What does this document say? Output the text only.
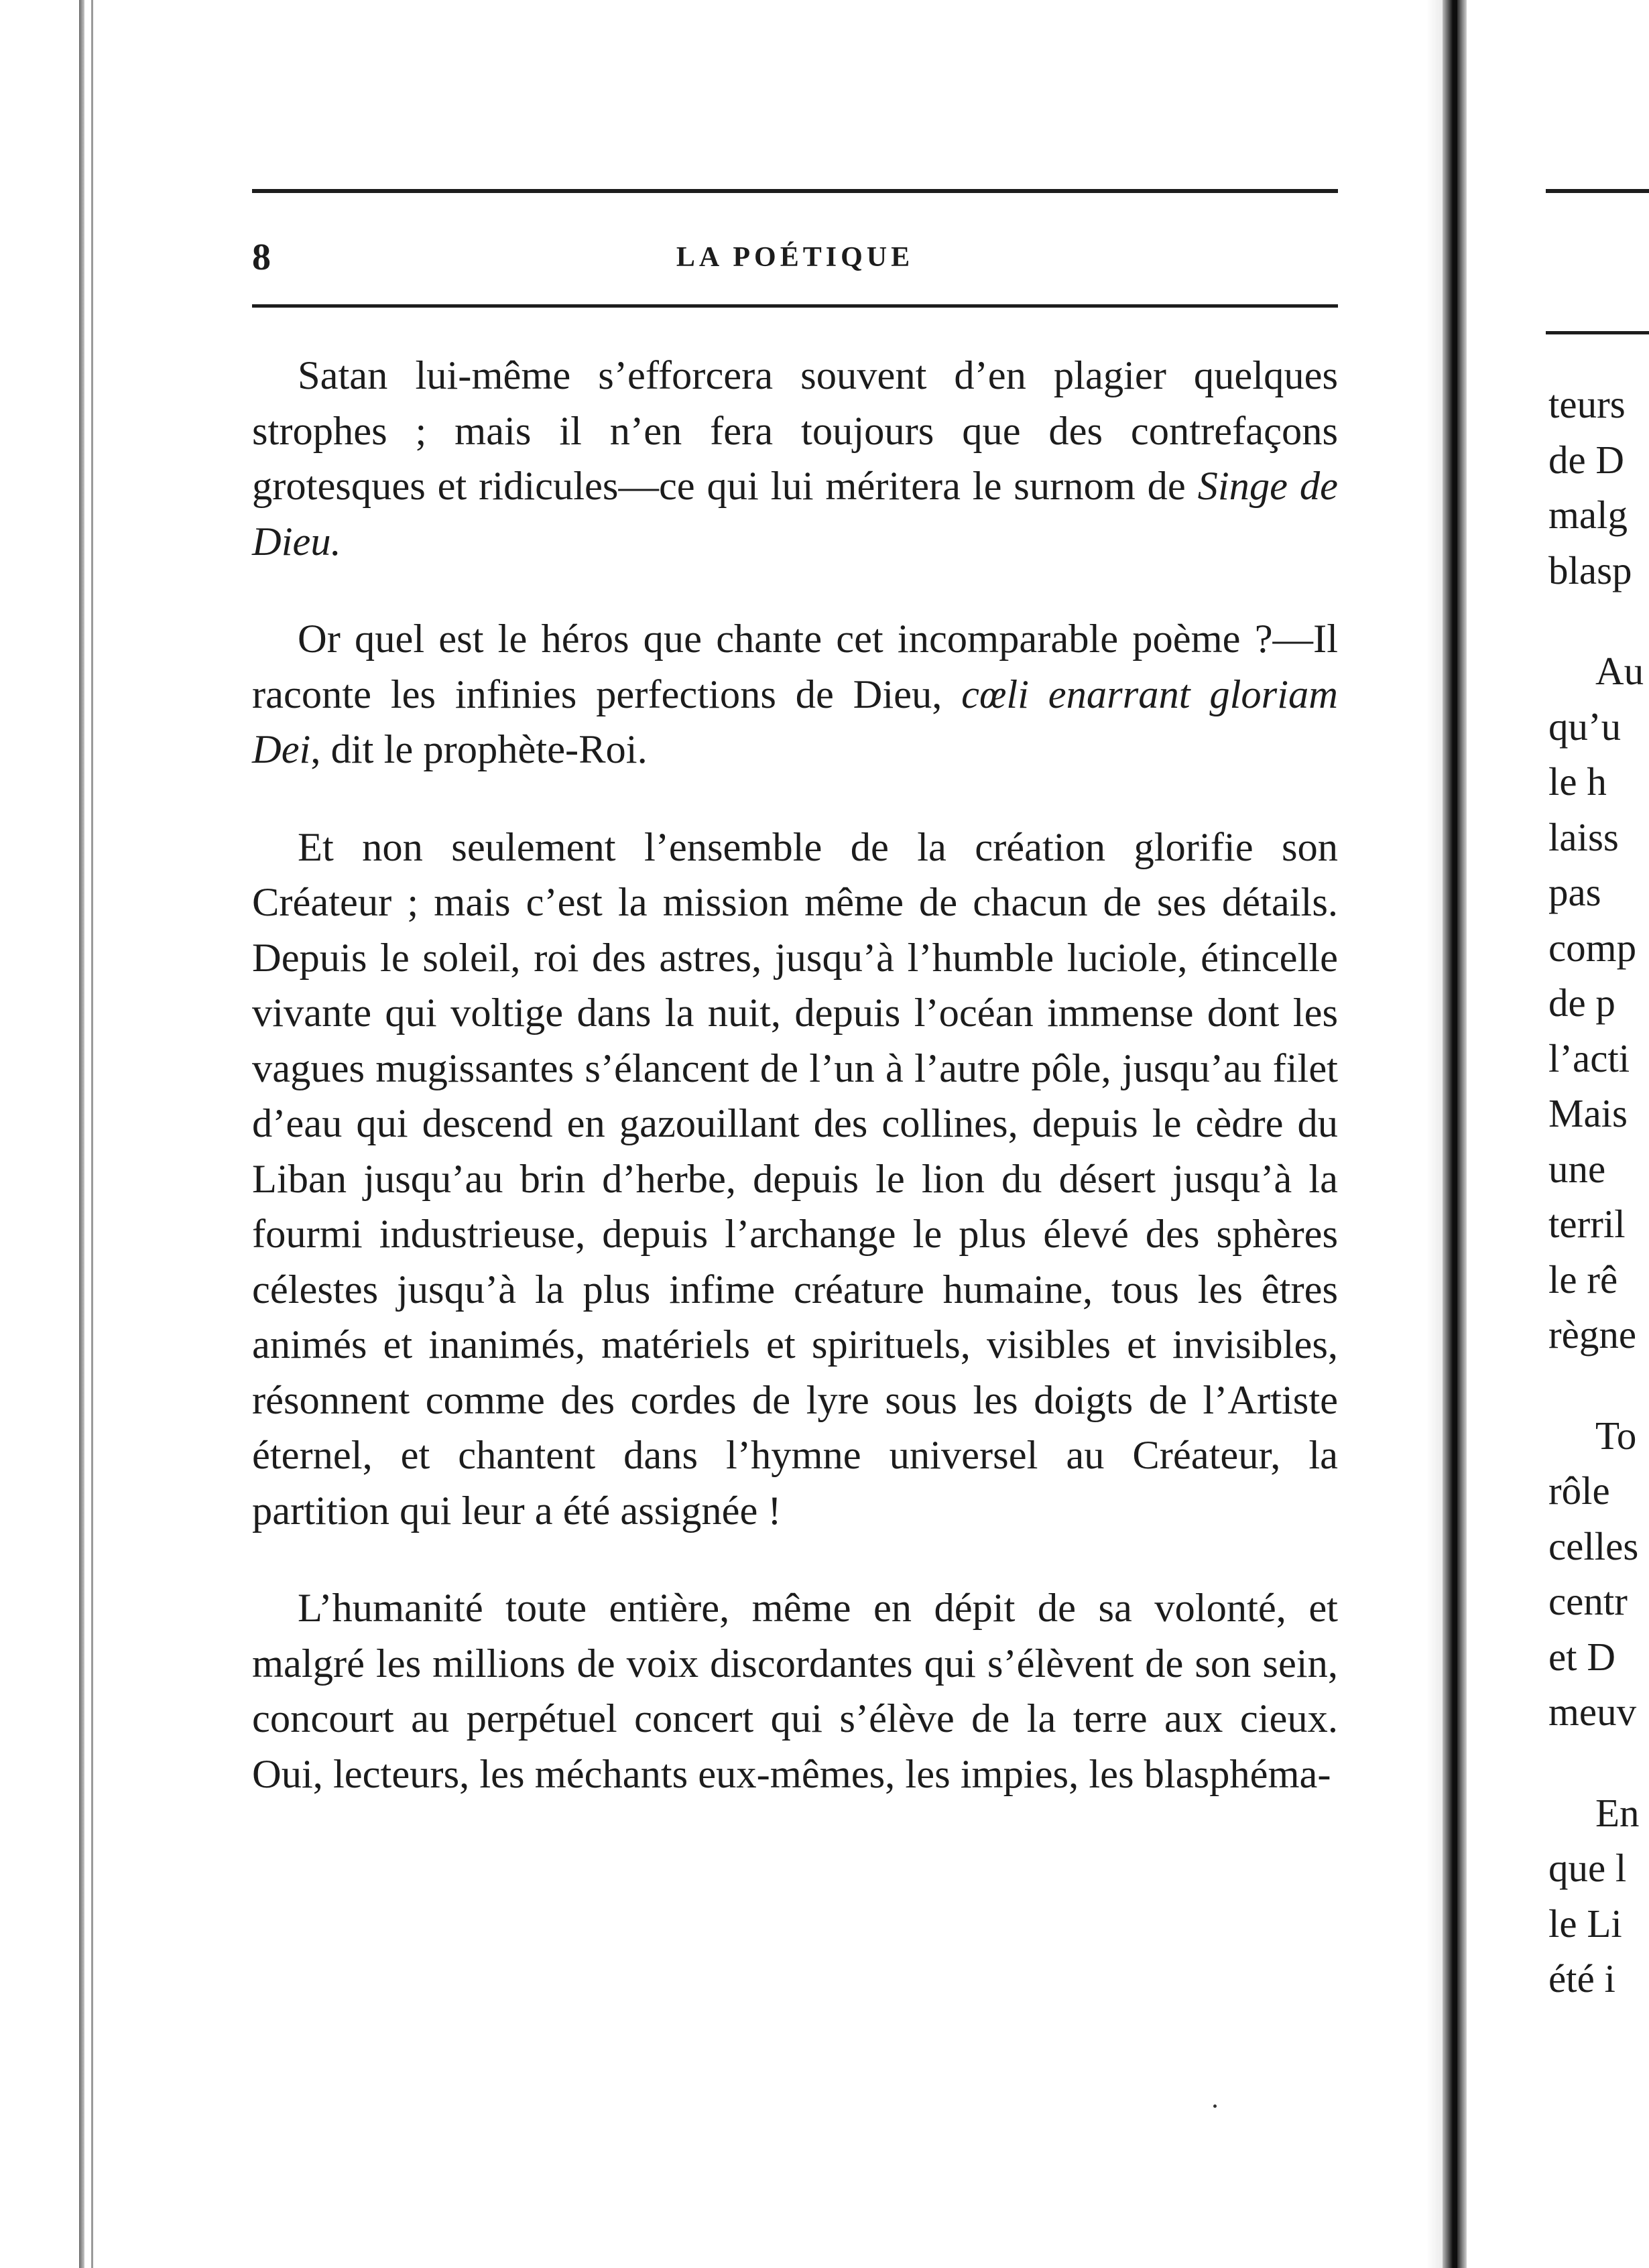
8	LA POÉTIQUE

Satan lui-même s’efforcera souvent d’en plagier quelques strophes ; mais il n’en fera toujours que des contrefaçons grotesques et ridicules—ce qui lui méritera le surnom de Singe de Dieu.

Or quel est le héros que chante cet incomparable poème ?—Il raconte les infinies perfections de Dieu, cœli enarrant gloriam Dei, dit le prophète-Roi.

Et non seulement l’ensemble de la création glorifie son Créateur ; mais c’est la mission même de chacun de ses détails. Depuis le soleil, roi des astres, jusqu’à l’humble luciole, étincelle vivante qui voltige dans la nuit, depuis l’océan immense dont les vagues mugissantes s’élancent de l’un à l’autre pôle, jusqu’au filet d’eau qui descend en gazouillant des collines, depuis le cèdre du Liban jusqu’au brin d’herbe, depuis le lion du désert jusqu’à la fourmi industrieuse, depuis l’archange le plus élevé des sphères célestes jusqu’à la plus infime créature humaine, tous les êtres animés et inanimés, matériels et spirituels, visibles et invisibles, résonnent comme des cordes de lyre sous les doigts de l’Artiste éternel, et chantent dans l’hymne universel au Créateur, la partition qui leur a été assignée !

L’humanité toute entière, même en dépit de sa volonté, et malgré les millions de voix discordantes qui s’élèvent de son sein, concourt au perpétuel concert qui s’élève de la terre aux cieux. Oui, lecteurs, les méchants eux-mêmes, les impies, les blasphéma-

teurs
de D
malg
blasp
Au
qu’u
le h
laiss
pas
comp
de p
l’acti
Mais
une
terril
le rê
règne
To
rôle
celles
centr
et D
meuv
En
que l
le Li
été i
